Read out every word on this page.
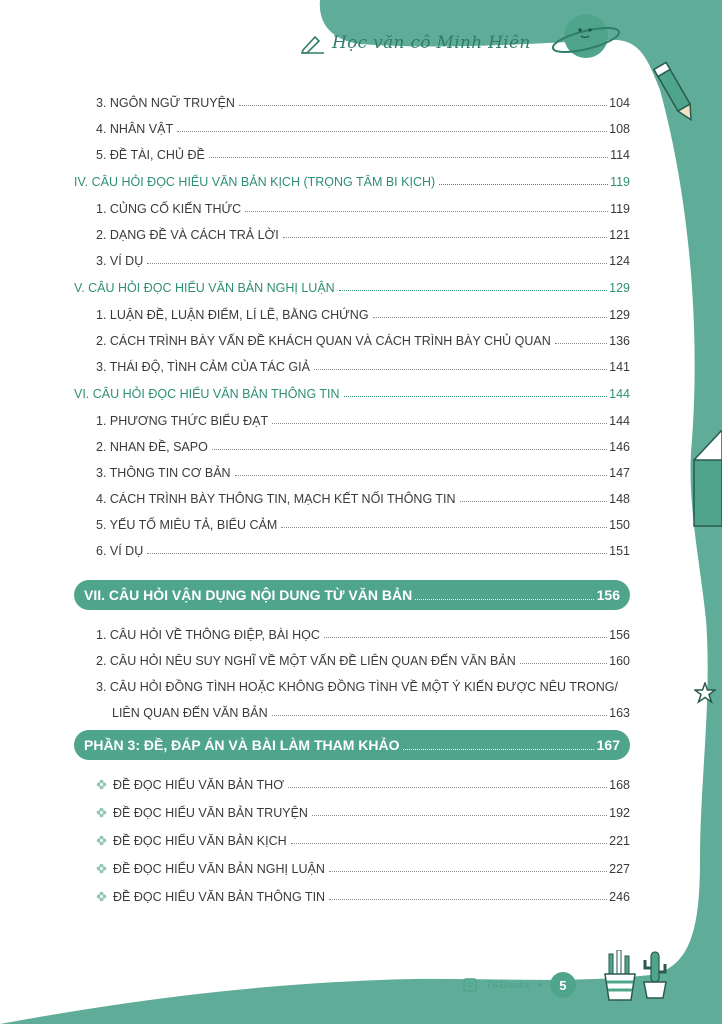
Học văn cô Minh Hiên
3. NGÔN NGỮ TRUYỆN	104
4. NHÂN VẬT	108
5. ĐỀ TÀI, CHỦ ĐỀ	114
IV. CÂU HỎI ĐỌC HIỂU VĂN BẢN KỊCH (TRỌNG TÂM BI KỊCH)	119
1. CỦNG CỐ KIẾN THỨC	119
2. DẠNG ĐỀ VÀ CÁCH TRẢ LỜI	121
3. VÍ DỤ	124
V. CÂU HỎI ĐỌC HIỂU VĂN BẢN NGHỊ LUẬN	129
1. LUẬN ĐỀ, LUẬN ĐIỂM, LÍ LẼ, BẰNG CHỨNG	129
2. CÁCH TRÌNH BÀY VẤN ĐỀ KHÁCH QUAN VÀ CÁCH TRÌNH BÀY CHỦ QUAN	136
3. THÁI ĐỘ, TÌNH CẢM CỦA TÁC GIẢ	141
VI. CÂU HỎI ĐỌC HIỂU VĂN BẢN THÔNG TIN	144
1. PHƯƠNG THỨC BIỂU ĐẠT	144
2. NHAN ĐỀ, SAPO	146
3. THÔNG TIN CƠ BẢN	147
4. CÁCH TRÌNH BÀY THÔNG TIN, MẠCH KẾT NỐI THÔNG TIN	148
5. YẾU TỐ MIÊU TẢ, BIỂU CẢM	150
6. VÍ DỤ	151
VII. CÂU HỎI VẬN DỤNG NỘI DUNG TỪ VĂN BẢN	156
1. CÂU HỎI VỀ THÔNG ĐIỆP, BÀI HỌC	156
2. CÂU HỎI NÊU SUY NGHĨ VỀ MỘT VẤN ĐỀ LIÊN QUAN ĐẾN VĂN BẢN	160
3. CÂU HỎI ĐỒNG TÌNH HOẶC KHÔNG ĐỒNG TÌNH VỀ MỘT Ý KIẾN ĐƯỢC NÊU TRONG/
LIÊN QUAN ĐẾN VĂN BẢN	163
PHẦN 3: ĐỀ, ĐÁP ÁN VÀ BÀI LÀM THAM KHẢO	167
ĐỀ ĐỌC HIỂU VĂN BẢN THƠ	168
ĐỀ ĐỌC HIỂU VĂN BẢN TRUYỆN	192
ĐỀ ĐỌC HIỂU VĂN BẢN KỊCH	221
ĐỀ ĐỌC HIỂU VĂN BẢN NGHỊ LUẬN	227
ĐỀ ĐỌC HIỂU VĂN BẢN THÔNG TIN	246
TKBooks	5
